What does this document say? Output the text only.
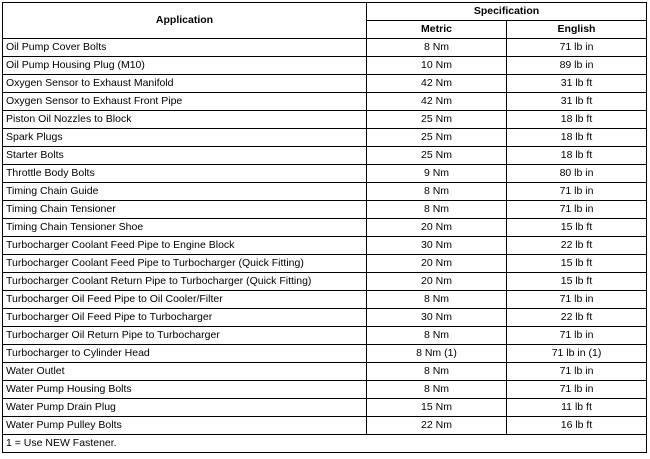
Application	Specification	
	Metric	English
Oil Pump Cover Bolts	8 Nm	71 lb in
Oil Pump Housing Plug (M10)	10 Nm	89 lb in
Oxygen Sensor to Exhaust Manifold	42 Nm	31 lb ft
Oxygen Sensor to Exhaust Front Pipe	42 Nm	31 lb ft
Piston Oil Nozzles to Block	25 Nm	18 lb ft
Spark Plugs	25 Nm	18 lb ft
Starter Bolts	25 Nm	18 lb ft
Throttle Body Bolts	9 Nm	80 lb in
Timing Chain Guide	8 Nm	71 lb in
Timing Chain Tensioner	8 Nm	71 lb in
Timing Chain Tensioner Shoe	20 Nm	15 lb ft
Turbocharger Coolant Feed Pipe to Engine Block	30 Nm	22 lb ft
Turbocharger Coolant Feed Pipe to Turbocharger (Quick Fitting)	20 Nm	15 lb ft
Turbocharger Coolant Return Pipe to Turbocharger (Quick Fitting)	20 Nm	15 lb ft
Turbocharger Oil Feed Pipe to Oil Cooler/Filter	8 Nm	71 lb in
Turbocharger Oil Feed Pipe to Turbocharger	30 Nm	22 lb ft
Turbocharger Oil Return Pipe to Turbocharger	8 Nm	71 lb in
Turbocharger to Cylinder Head	8 Nm (1)	71 lb in (1)
Water Outlet	8 Nm	71 lb in
Water Pump Housing Bolts	8 Nm	71 lb in
Water Pump Drain Plug	15 Nm	11 lb ft
Water Pump Pulley Bolts	22 Nm	16 lb ft
1 = Use NEW Fastener.		
